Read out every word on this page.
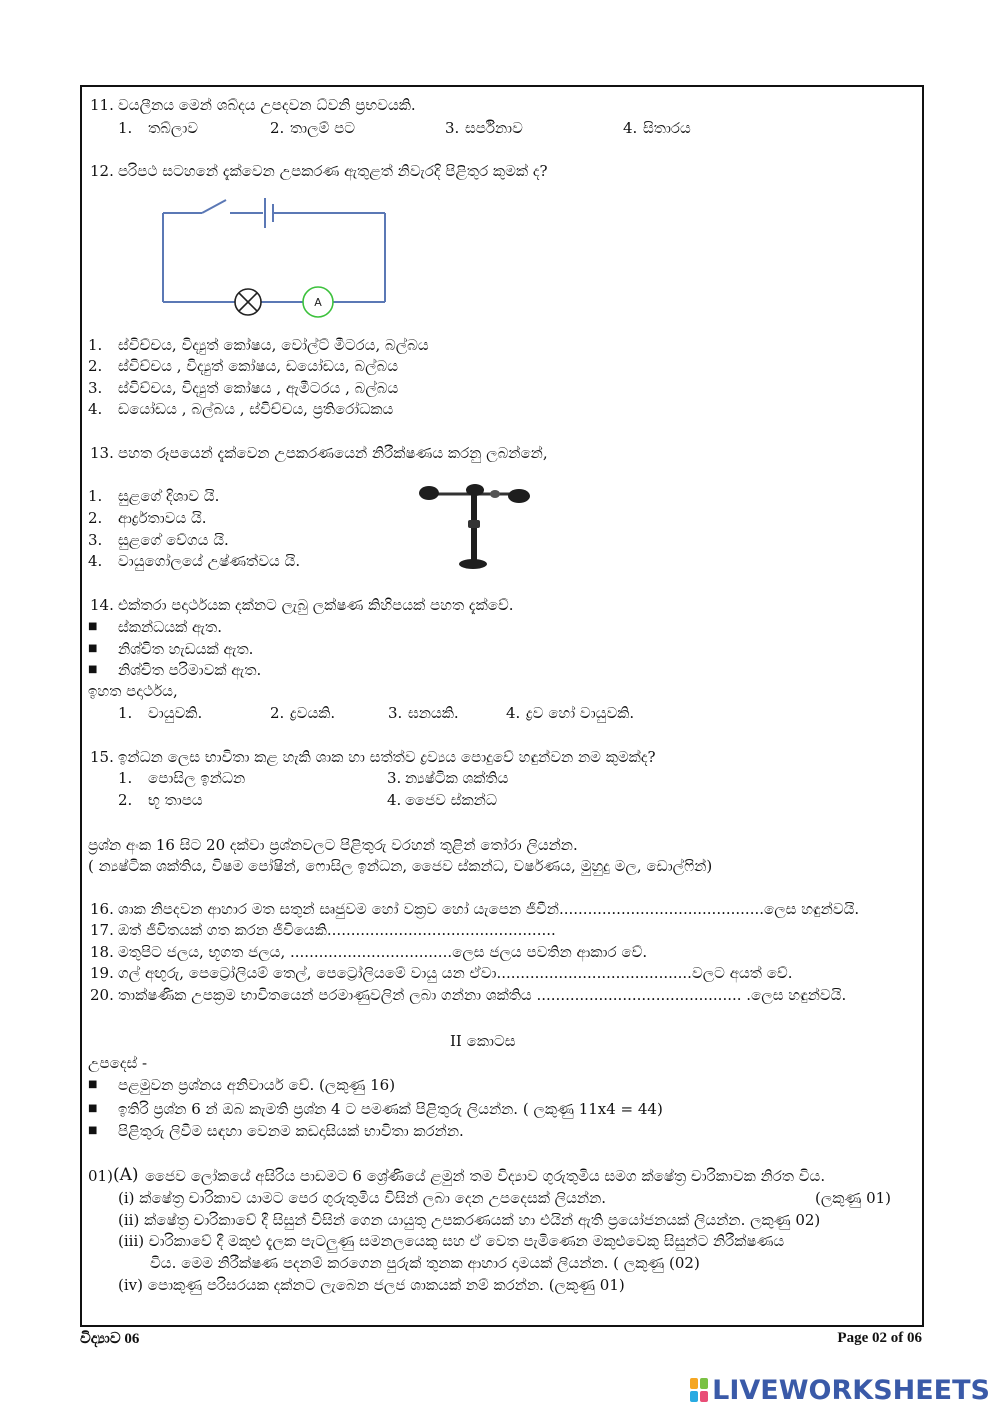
11. වයලීනය මෙන් ශබ්දය උපදවන ධ්වනි ප්‍රභවයකි.
1. තබ්ලාව	2. තාලම් පට	3. සර්පිනාව	4. සිතාරය
12. පරිපථ සටහනේ දැක්වෙන උපකරණ ඇතුළත් නිවැරදි පිළිතුර කුමක් ද?
A
1. ස්විච්චය, විද්‍යුත් කෝෂය, වෝල්ට් මීටරය, බල්බය
2. ස්විච්චය , විද්‍යුත් කෝෂය, ඩයෝඩය, බල්බය
3. ස්විච්චය, විද්‍යුත් කෝෂය , ඇමීටරය , බල්බය
4. ඩයෝඩය , බල්බය , ස්විච්චය, ප්‍රතිරෝධකය
13. පහත රූපයෙන් දැක්වෙන උපකරණයෙන් නිරීක්ෂණය කරනු ලබන්නේ,
1. සුළගේ දිශාව යි.
2. ආර්ද්‍රතාවය යි.
3. සුළගේ වේගය යි.
4. වායුගෝලයේ උෂ්ණත්වය යි.
14. එක්තරා පදාර්ථයක දක්නට ලැබු ලක්ෂණ කිහිපයක් පහත දැක්වේ.
■ ස්කන්ධයක් ඇත.
■ නිශ්චිත හැඩයක් ඇත.
■ නිශ්චිත පරිමාවක් ඇත.
ඉහත පදාර්ථය,
1. වායුවකි.	2. ද්‍රවයකි.	3. ඝනයකි.	4. ද්‍රව හෝ වායුවකි.
15. ඉන්ධන ලෙස භාවිතා කළ හැකි ශාක හා සත්ත්ව ද්‍රව්‍යය පොදුවේ හඳුන්වන නම කුමක්ද?
1. පොසිල ඉන්ධන	3. න්‍යෂ්ටික ශක්තිය
2. භූ තාපය	4. ජෛව ස්කන්ධ
ප්‍රශ්න අංක 16 සිට 20 දක්වා ප්‍රශ්නවලට පිළිතුරු වරහන් තුළින් තෝරා ලියන්න.
( න්‍යෂ්ටික ශක්තිය, විෂම පෝෂින්, ෆොසිල ඉන්ධන, ජෛව ස්කන්ධ, වර්ෂණය, මුහුදු මල, ඩොල්ෆින්)
16. ශාක නිපදවන ආහාර මත සතුන් සෘජුවම හෝ වක්‍රව හෝ යැපෙන ජීවීන්...........................................ලෙස හඳුන්වයි.
17. ඔත් ජීවිතයක් ගත කරන ජීවියෙකි................................................
18. මතුපිට ජලය, භූගත ජලය, ..................................ලෙස ජලය පවතින ආකාර වේ.
19. ගල් අඟුරු, පෙට්‍රෝලියම් තෙල්, පෙට්‍රෝලියමේ වායු යන ඒවා.........................................වලට අයත් වේ.
20. තාක්ෂණික උපක්‍රම භාවිතයෙන් පරමාණුවලින් ලබා ගන්නා ශක්තිය ........................................... .ලෙස හඳුන්වයි.
II කොටස
උපදෙස් -
■ පළමුවන ප්‍රශ්නය අනිවාර්ය වේ. (ලකුණු 16)
■ ඉතිරි ප්‍රශ්න 6 න් ඔබ කැමති ප්‍රශ්න 4 ට පමණක් පිළිතුරු ලියන්න. ( ලකුණු 11x4 = 44)
■ පිළිතුරු ලිවීම සඳහා වෙනම කඩදාසියක් භාවිතා කරන්න.
01) (A) ජෛව ලෝකයේ අසිරිය පාඩමට 6 ශ්‍රේණියේ ළමුන් තම විද්‍යාව ගුරුතුමිය සමග ක්ෂේත්‍ර චාරිකාවක නිරත විය.
(i) ක්ෂේත්‍ර චාරිකාව යාමට පෙර ගුරුතුමිය විසින් ලබා දෙන උපදෙසක් ලියන්න.	(ලකුණු 01)
(ii) ක්ෂේත්‍ර චාරිකාවේ දී සිසුන් විසින් ගෙන යායුතු උපකරණයක් හා එයින් ඇති ප්‍රයෝජනයක් ලියන්න. ලකුණු 02)
(iii) චාරිකාවේ දී මකුළු දැලක පැටලුණු සමනලයෙකු සහ ඒ වෙත පැමිණෙන මකුළුවෙකු සිසුන්ට නිරීක්ෂණය
විය. මෙම නිරීක්ෂණ පදනම් කරගෙන පුරුක් තුනක ආහාර දාමයක් ලියන්න. ( ලකුණු (02)
(iv) පොකුණු පරිසරයක දක්නට ලැබෙන ජලජ ශාකයක් නම් කරන්න. (ලකුණු 01)
විද්‍යාව 06	Page 02 of 06
LIVEWORKSHEETS
